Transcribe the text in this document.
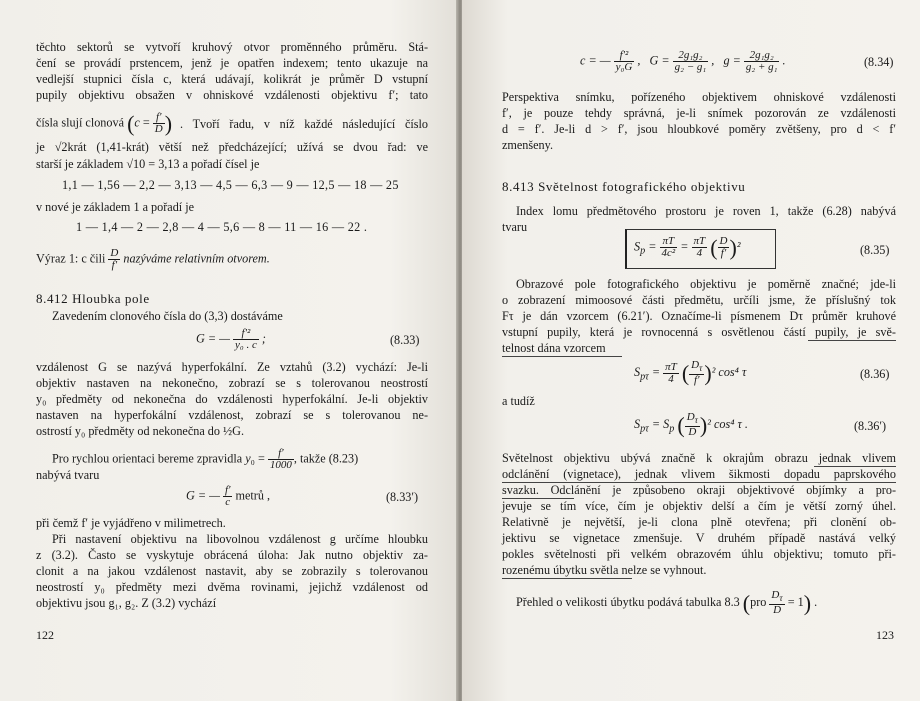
těchto sektorů se vytvoří kruhový otvor proměnného průměru. Stá-
čení se provádí prstencem, jenž je opatřen indexem; tento ukazuje na
vedlejší stupnici čísla c, která udávají, kolikrát je průměr D vstupní
pupily objektivu obsažen v ohniskové vzdálenosti objektivu f′; tato
čísla slují clonová ($c = \frac{f'}{D}$ ) . Tvoří řadu, v níž každé následující číslo
je √2krát (1,41-krát) větší než předcházející; užívá se dvou řad: ve
starší je základem √10 = 3,13 a pořadí čísel je
1,1 — 1,56 — 2,2 — 3,13 — 4,5 — 6,3 — 9 — 12,5 — 18 — 25
v nové je základem 1 a pořadí je
1 — 1,4 — 2 — 2,8 — 4 — 5,6 — 8 — 11 — 16 — 22 .
Výraz 1: c čili $\frac{D}{f'}$ nazýváme relativním otvorem.
8.412 Hloubka pole
Zavedením clonového čísla do (3,3) dostáváme
G = — $\frac{\text{f′²}}{\text{y₀ . c}}$ ;	(8.33)
vzdálenost G se nazývá hyperfokální. Ze vztahů (3.2) vychází: Je-li
objektiv nastaven na nekonečno, zobrazí se s tolerovanou neostrostí
y₀ předměty od nekonečna do vzdálenosti hyperfokální. Je-li objektiv
nastaven na hyperfokální vzdálenost, zobrazí se s tolerovanou ne-
ostrostí y₀ předměty od nekonečna do ½G.
Pro rychlou orientaci bereme zpravidla $y_0 = \frac{f'}{1000}$ , takže (8.23)
nabývá tvaru
G = — $\frac{f'}{c}$ metrů ,	(8.33′)
při čemž f′ je vyjádřeno v milimetrech.
Při nastavení objektivu na libovolnou vzdálenost g určíme hloubku
z (3.2). Často se vyskytuje obrácená úloha: Jak nutno objektiv za-
clonit a na jakou vzdálenost nastavit, aby se zobrazily s tolerovanou
neostrostí y₀ předměty mezi dvěma rovinami, jejichž vzdálenost od
objektivu jsou g₁, g₂. Z (3.2) vychází
122
c = — $\frac{\text{f′²}}{\text{y₀G}}$ ,   $G = \frac{\text{2g₁g₂}}{\text{g₂ − g₁}}$ ,   $g = \frac{\text{2g₁g₂}}{\text{g₂ + g₁}}$ .	(8.34)
Perspektiva snímku, pořízeného objektivem ohniskové vzdálenosti
f′, je pouze tehdy správná, je-li snímek pozorován ze vzdálenosti
d = f′. Je-li d > f′, jsou hloubkové poměry zvětšeny, pro d < f′
zmenšeny.
8.413 Světelnost fotografického objektivu
Index lomu předmětového prostoru je roven 1, takže (6.28) nabývá
tvaru
$S_p = \frac{\pi T}{\text{4c²}} = \frac{\pi T}{4}$ ( $\frac{D}{f'} )^2$	(8.35)
Obrazové pole fotografického objektivu je poměrně značné; jde-li
o zobrazení mimoosové části předmětu, určíli jsme, že příslušný tok
Fτ je dán vzorcem (6.21′). Označíme-li písmenem Dτ průměr kruhové
vstupní pupily, která je rovnocenná s osvětlenou částí pupily, je svě-
telnost dána vzorcem
$S_{p\tau} = \frac{\pi T}{4}$ ( $\frac{D_\tau}{f'} )^2$ cos⁴ τ	(8.36)
a tudíž
$S_{p\tau} = S_p$ ( $\frac{D_\tau}{D} )^2$ cos⁴ τ .	(8.36′)
Světelnost objektivu ubývá značně k okrajům obrazu jednak vlivem
odclánění (vignetace), jednak vlivem šikmosti dopadu paprskového
svazku. Odclánění je způsobeno okraji objektivové objímky a pro-
jevuje se tím více, čím je objektiv delší a čím je větší zorný úhel.
Relativně je největší, je-li clona plně otevřena; při clonění ob-
jektivu se vignetace zmenšuje. V druhém případě nastává velký
pokles světelnosti při velkém obrazovém úhlu objektivu; tomuto při-
rozenému úbytku světla nelze se vyhnout.
Přehled o velikosti úbytku podává tabulka 8.3 $(pro \frac{D_\tau}{D} = 1)$ .
123
